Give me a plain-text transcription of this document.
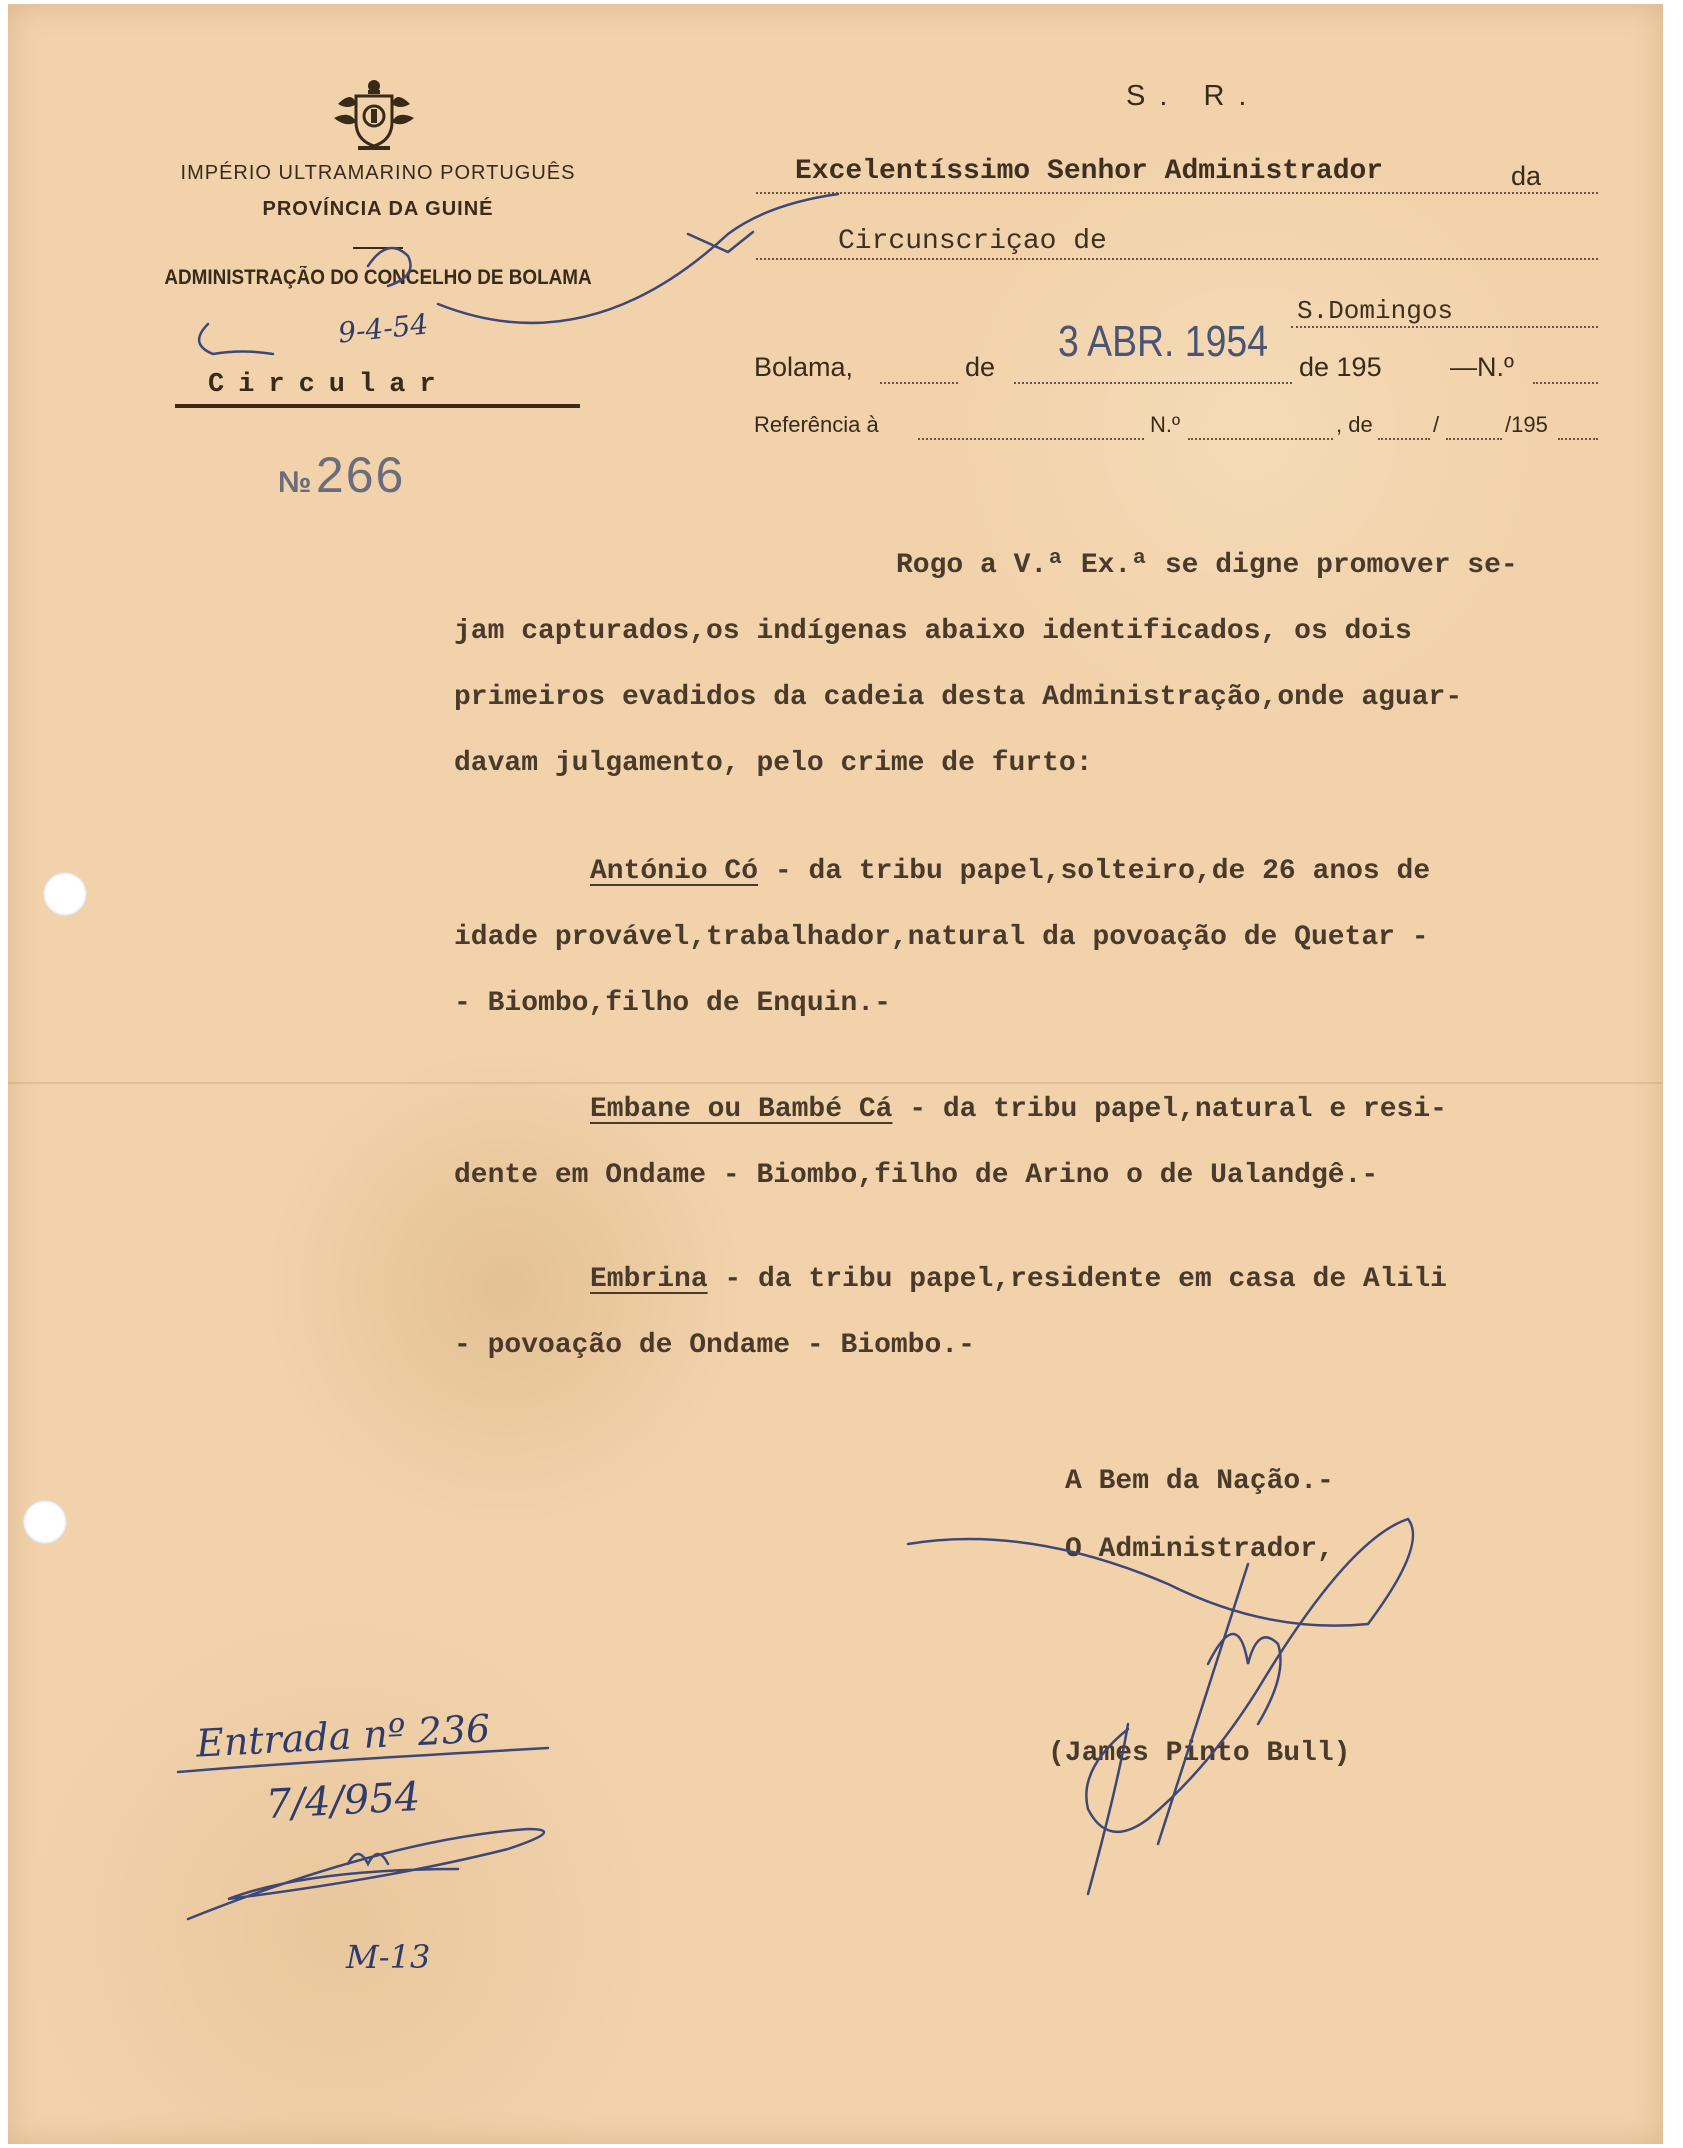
IMPÉRIO ULTRAMARINO PORTUGUÊS
PROVÍNCIA DA GUINÉ
ADMINISTRAÇÃO DO CONCELHO DE BOLAMA
Circular
№ 266
S. R.
Excelentíssimo Senhor Administrador	da
Circunscriçao de
S.Domingos
3 ABR. 1954
Bolama,	de	de 195	—N.º
Referência à	N.º	, de	/	/195
Rogo a V.ª Ex.ª se digne promover se-
jam capturados,os indígenas abaixo identificados, os dois
primeiros evadidos da cadeia desta Administração,onde aguar-
davam julgamento, pelo crime de furto:
António Có - da tribu papel,solteiro,de 26 anos de
idade provável,trabalhador,natural da povoação de Quetar -
- Biombo,filho de Enquin.-
Embane ou Bambé Cá - da tribu papel,natural e resi-
dente em Ondame - Biombo,filho de Arino o de Ualandgê.-
Embrina - da tribu papel,residente em casa de Alili
- povoação de Ondame - Biombo.-
A Bem da Nação.-
O Administrador,
(James Pinto Bull)
Entrada nº 236
7/4/954
M-13
9-4-54
